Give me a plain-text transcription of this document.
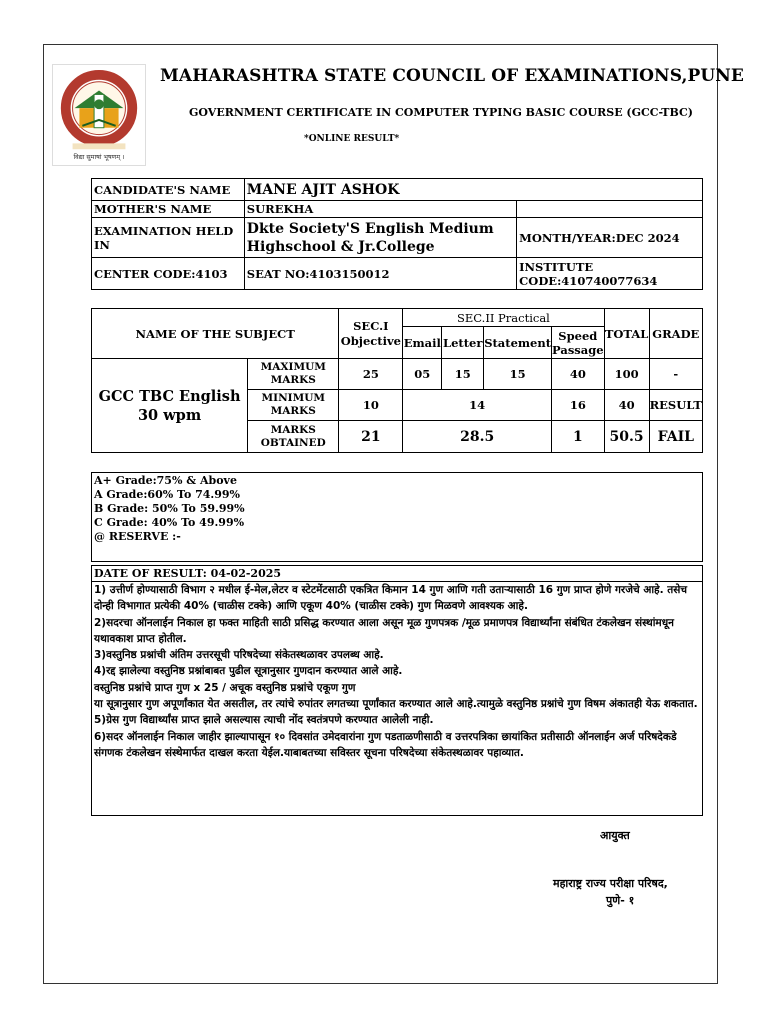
विद्या सुमाषां भूषणम् ।
MAHARASHTRA STATE COUNCIL OF EXAMINATIONS,PUNE
GOVERNMENT CERTIFICATE IN COMPUTER TYPING BASIC COURSE (GCC-TBC)
*ONLINE RESULT*
CANDIDATE'S NAME	MANE AJIT ASHOK	
MOTHER'S NAME	SUREKHA	
EXAMINATION HELD IN	Dkte Society'S English Medium Highschool & Jr.College	MONTH/YEAR:DEC 2024
CENTER CODE:4103	SEAT NO:4103150012	INSTITUTE CODE:410740077634
NAME OF THE SUBJECT		SEC.I Objective	SEC.II Practical				TOTAL	GRADE
			Email	Letter	Statement	Speed Passage		
GCC TBC English 30 wpm	MAXIMUM MARKS	25	05	15	15	40	100	-
	MINIMUM MARKS	10	14			16	40	RESULT
	MARKS OBTAINED	21	28.5			1	50.5	FAIL
A+ Grade:75% & Above
A Grade:60% To 74.99%
B Grade: 50% To 59.99%
C Grade: 40% To 49.99%
@ RESERVE :-
DATE OF RESULT: 04-02-2025

1) उत्तीर्ण होण्यासाठी विभाग २ मधील ई-मेल,लेटर व स्टेटमेंटसाठी एकत्रित किमान 14 गुण आणि गती उताऱ्यासाठी 16 गुण प्राप्त होणे गरजेचे आहे. तसेच दोन्ही विभागात प्रत्येकी 40% (चाळीस टक्के) आणि एकूण 40% (चाळीस टक्के) गुण मिळवणे आवश्यक आहे.

2)सदरचा ऑनलाईन निकाल हा फक्त माहिती साठी प्रसिद्ध करण्यात आला असून मूळ गुणपत्रक /मूळ प्रमाणपत्र विद्यार्थ्यांना संबंधित टंकलेखन संस्थांमधून यथावकाश प्राप्त होतील.

3)वस्तुनिष्ठ प्रश्नांची अंतिम उत्तरसूची परिषदेच्या संकेतस्थळावर उपलब्ध आहे.

4)रद्द झालेल्या वस्तुनिष्ठ प्रश्नांबाबत पुढील सूत्रानुसार गुणदान करण्यात आले आहे.

वस्तुनिष्ठ प्रश्नांचे प्राप्त गुण x 25 / अचूक वस्तुनिष्ठ प्रश्नांचे एकूण गुण

या सूत्रानुसार गुण अपूर्णांकात येत असतील, तर त्यांचे रुपांतर लगतच्या पूर्णांकात करण्यात आले आहे.त्यामुळे वस्तुनिष्ठ प्रश्नांचे गुण विषम अंकातही येऊ शकतात.

5)ग्रेस गुण विद्यार्थ्यांस प्राप्त झाले असल्यास त्याची नोंद स्वतंत्रपणे करण्यात आलेली नाही.

6)सदर ऑनलाईन निकाल जाहीर झाल्यापासून १० दिवसांत उमेदवारांना गुण पडताळणीसाठी व उत्तरपत्रिका छायांकित प्रतीसाठी ऑनलाईन अर्ज परिषदेकडे संगणक टंकलेखन संस्थेमार्फत दाखल करता येईल.याबाबतच्या सविस्तर सूचना परिषदेच्या संकेतस्थळावर पहाव्यात.

आयुक्त
महाराष्ट्र राज्य परीक्षा परिषद,
पुणे- १
